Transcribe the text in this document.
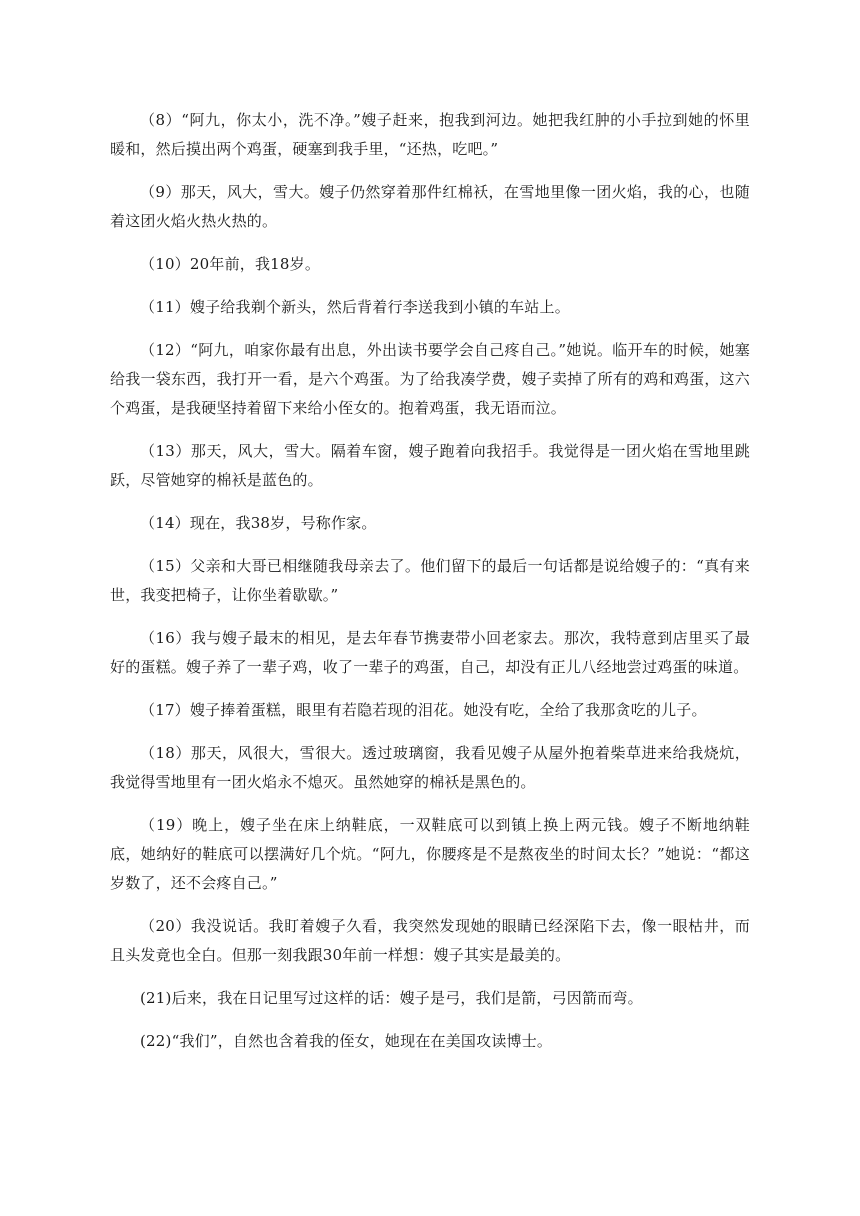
（8）“阿九，你太小，洗不净。”嫂子赶来，抱我到河边。她把我红肿的小手拉到她的怀里暖和，然后摸出两个鸡蛋，硬塞到我手里，“还热，吃吧。”

（9）那天，风大，雪大。嫂子仍然穿着那件红棉袄，在雪地里像一团火焰，我的心，也随着这团火焰火热火热的。

（10）20年前，我18岁。

（11）嫂子给我剃个新头，然后背着行李送我到小镇的车站上。

（12）“阿九，咱家你最有出息，外出读书要学会自己疼自己。”她说。临开车的时候，她塞给我一袋东西，我打开一看，是六个鸡蛋。为了给我凑学费，嫂子卖掉了所有的鸡和鸡蛋，这六个鸡蛋，是我硬坚持着留下来给小侄女的。抱着鸡蛋，我无语而泣。

（13）那天，风大，雪大。隔着车窗，嫂子跑着向我招手。我觉得是一团火焰在雪地里跳跃，尽管她穿的棉袄是蓝色的。

（14）现在，我38岁，号称作家。

（15）父亲和大哥已相继随我母亲去了。他们留下的最后一句话都是说给嫂子的：“真有来世，我变把椅子，让你坐着歇歇。”

（16）我与嫂子最末的相见，是去年春节携妻带小回老家去。那次，我特意到店里买了最好的蛋糕。嫂子养了一辈子鸡，收了一辈子的鸡蛋，自己，却没有正儿八经地尝过鸡蛋的味道。

（17）嫂子捧着蛋糕，眼里有若隐若现的泪花。她没有吃，全给了我那贪吃的儿子。

（18）那天，风很大，雪很大。透过玻璃窗，我看见嫂子从屋外抱着柴草进来给我烧炕，我觉得雪地里有一团火焰永不熄灭。虽然她穿的棉袄是黑色的。

（19）晚上，嫂子坐在床上纳鞋底，一双鞋底可以到镇上换上两元钱。嫂子不断地纳鞋底，她纳好的鞋底可以摆满好几个炕。“阿九，你腰疼是不是熬夜坐的时间太长？”她说：“都这岁数了，还不会疼自己。”

（20）我没说话。我盯着嫂子久看，我突然发现她的眼睛已经深陷下去，像一眼枯井，而且头发竟也全白。但那一刻我跟30年前一样想：嫂子其实是最美的。

(21)后来，我在日记里写过这样的话：嫂子是弓，我们是箭，弓因箭而弯。

(22)“我们”，自然也含着我的侄女，她现在在美国攻读博士。
